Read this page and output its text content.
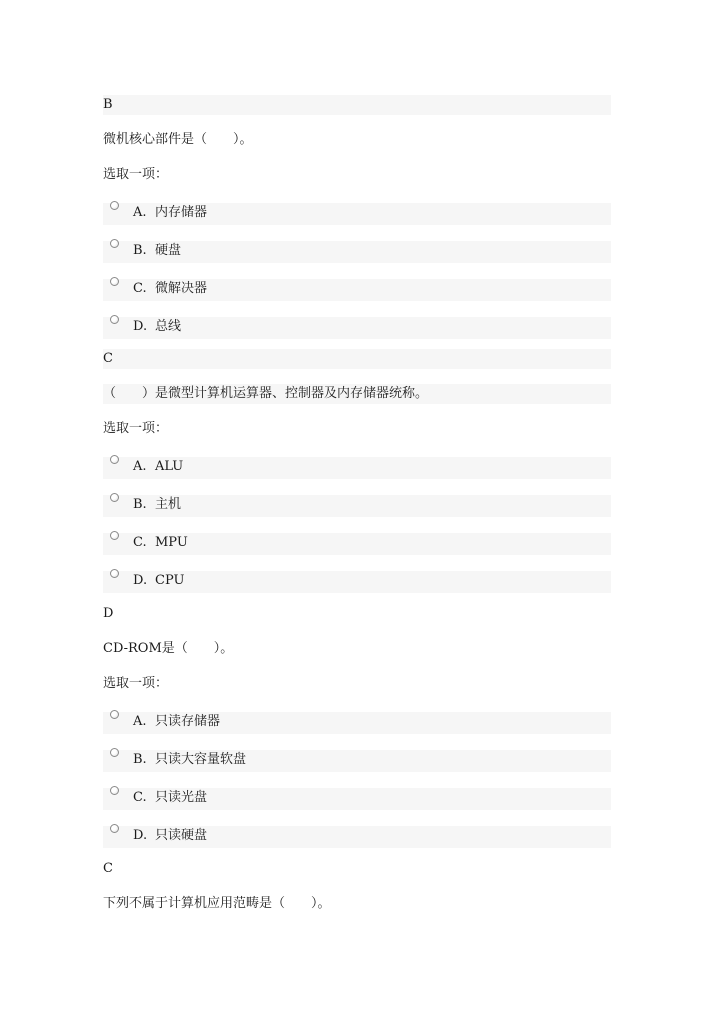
B
微机核心部件是（　　）。
选取一项：
A. 内存储器
B. 硬盘
C. 微解决器
D. 总线
C
（　　）是微型计算机运算器、控制器及内存储器统称。
选取一项：
A. ALU
B. 主机
C. MPU
D. CPU
D
CD-ROM是（　　）。
选取一项：
A. 只读存储器
B. 只读大容量软盘
C. 只读光盘
D. 只读硬盘
C
下列不属于计算机应用范畴是（　　）。
